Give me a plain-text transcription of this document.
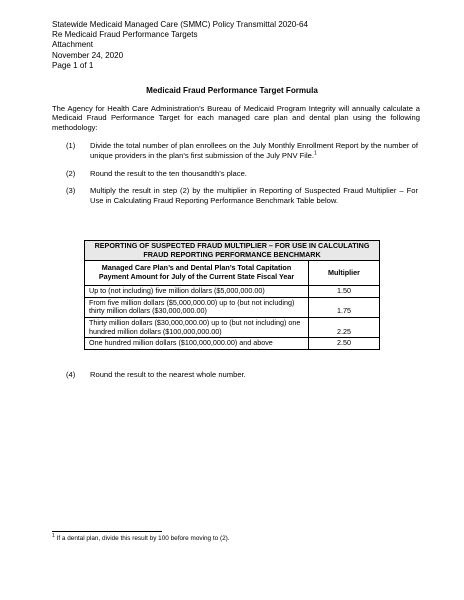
Statewide Medicaid Managed Care (SMMC) Policy Transmittal 2020-64
Re Medicaid Fraud Performance Targets
Attachment
November 24, 2020
Page 1 of 1
Medicaid Fraud Performance Target Formula
The Agency for Health Care Administration’s Bureau of Medicaid Program Integrity will annually calculate a Medicaid Fraud Performance Target for each managed care plan and dental plan using the following methodology:
(1) Divide the total number of plan enrollees on the July Monthly Enrollment Report by the number of unique providers in the plan’s first submission of the July PNV File.$^1$
(2) Round the result to the ten thousandth’s place.
(3) Multiply the result in step (2) by the multiplier in Reporting of Suspected Fraud Multiplier – For Use in Calculating Fraud Reporting Performance Benchmark Table below.
REPORTING OF SUSPECTED FRAUD MULTIPLIER – FOR USE IN CALCULATING FRAUD REPORTING PERFORMANCE BENCHMARK	
Managed Care Plan’s and Dental Plan’s Total Capitation Payment Amount for July of the Current State Fiscal Year	Multiplier
Up to (not including) five million dollars ($5,000,000.00)	1.50
From five million dollars ($5,000,000.00) up to (but not including) thirty million dollars ($30,000,000.00)	1.75
Thirty million dollars ($30,000,000.00) up to (but not including) one hundred million dollars ($100,000,000.00)	2.25
One hundred million dollars ($100,000,000.00) and above	2.50
(4) Round the result to the nearest whole number.
$^1$ If a dental plan, divide this result by 100 before moving to (2).
